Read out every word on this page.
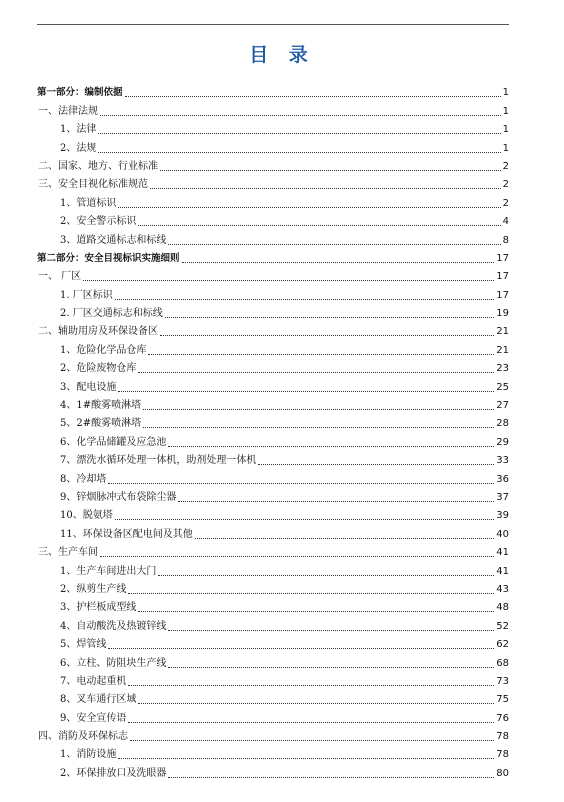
目 录
第一部分：编制依据	1
一、法律法规	1
1、法律	1
2、法规	1
二、国家、地方、行业标准	2
三、安全目视化标准规范	2
1、管道标识	2
2、安全警示标识	4
3、道路交通标志和标线	8
第二部分：安全目视标识实施细则	17
一、 厂区	17
1. 厂区标识	17
2. 厂区交通标志和标线	19
二、辅助用房及环保设备区	21
1、危险化学品仓库	21
2、危险废物仓库	23
3、配电设施	25
4、1#酸雾喷淋塔	27
5、2#酸雾喷淋塔	28
6、化学品储罐及应急池	29
7、漂洗水循环处理一体机，助剂处理一体机	33
8、冷却塔	36
9、锌烟脉冲式布袋除尘器	37
10、脱氨塔	39
11、环保设备区配电间及其他	40
三、生产车间	41
1、生产车间进出大门	41
2、纵剪生产线	43
3、护栏板成型线	48
4、自动酸洗及热镀锌线	52
5、焊管线	62
6、立柱、防阻块生产线	68
7、电动起重机	73
8、叉车通行区域	75
9、安全宣传语	76
四、消防及环保标志	78
1、消防设施	78
2、环保排放口及洗眼器	80
